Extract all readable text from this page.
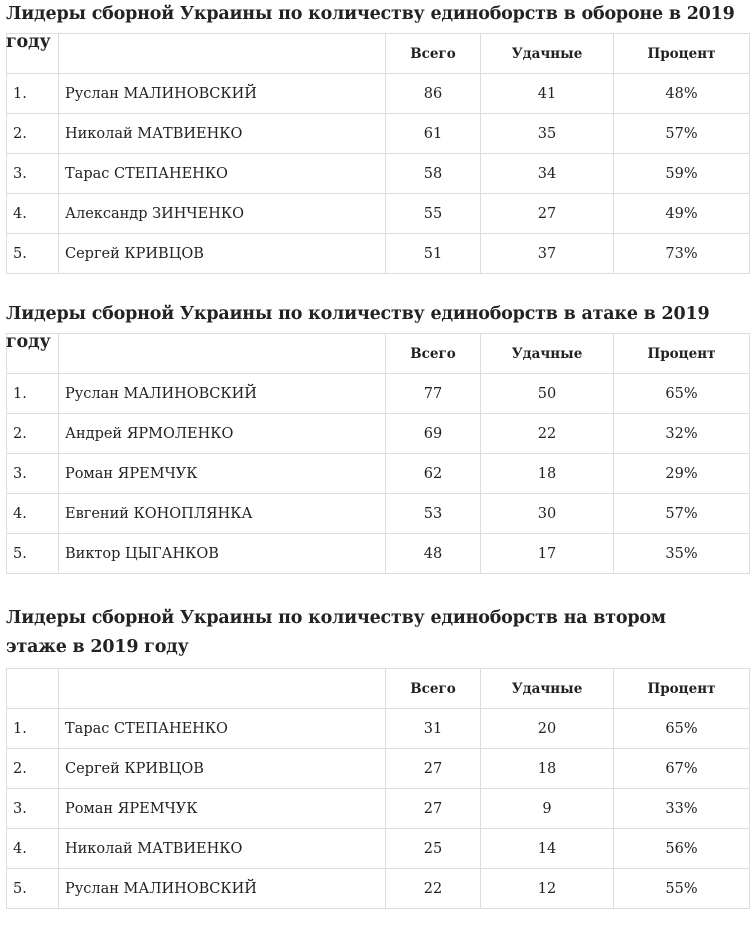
Лидеры сборной Украины по количеству единоборств в обороне в 2019 году
		Всего	Удачные	Процент
1.	Руслан МАЛИНОВСКИЙ	86	41	48%
2.	Николай МАТВИЕНКО	61	35	57%
3.	Тарас СТЕПАНЕНКО	58	34	59%
4.	Александр ЗИНЧЕНКО	55	27	49%
5.	Сергей КРИВЦОВ	51	37	73%
Лидеры сборной Украины по количеству единоборств в атаке в 2019 году
		Всего	Удачные	Процент
1.	Руслан МАЛИНОВСКИЙ	77	50	65%
2.	Андрей ЯРМОЛЕНКО	69	22	32%
3.	Роман ЯРЕМЧУК	62	18	29%
4.	Евгений КОНОПЛЯНКА	53	30	57%
5.	Виктор ЦЫГАНКОВ	48	17	35%
Лидеры сборной Украины по количеству единоборств на втором этаже в 2019 году
		Всего	Удачные	Процент
1.	Тарас СТЕПАНЕНКО	31	20	65%
2.	Сергей КРИВЦОВ	27	18	67%
3.	Роман ЯРЕМЧУК	27	9	33%
4.	Николай МАТВИЕНКО	25	14	56%
5.	Руслан МАЛИНОВСКИЙ	22	12	55%
